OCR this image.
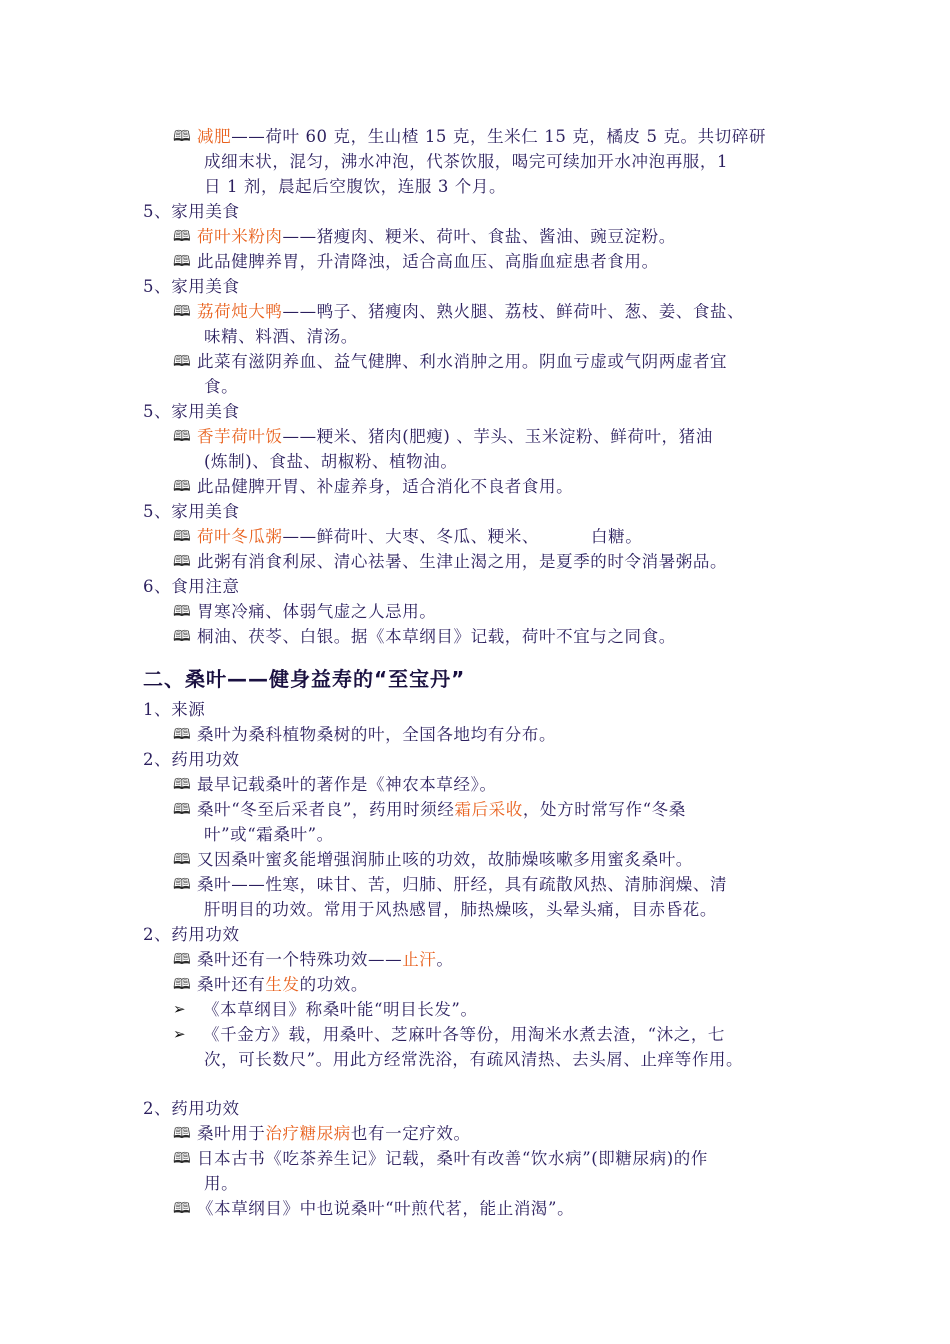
🕮 减肥——荷叶 60 克，生山楂 15 克，生米仁 15 克，橘皮 5 克。共切碎研
成细末状，混匀，沸水冲泡，代茶饮服，喝完可续加开水冲泡再服，1
日 1 剂，晨起后空腹饮，连服 3 个月。
5、家用美食
🕮 荷叶米粉肉——猪瘦肉、粳米、荷叶、食盐、酱油、豌豆淀粉。
🕮 此品健脾养胃，升清降浊，适合高血压、高脂血症患者食用。
5、家用美食
🕮 荔荷炖大鸭——鸭子、猪瘦肉、熟火腿、荔枝、鲜荷叶、葱、姜、食盐、
味精、料酒、清汤。
🕮 此菜有滋阴养血、益气健脾、利水消肿之用。阴血亏虚或气阴两虚者宜
食。
5、家用美食
🕮 香芋荷叶饭——粳米、猪肉(肥瘦) 、芋头、玉米淀粉、鲜荷叶，猪油
(炼制)、食盐、胡椒粉、植物油。
🕮 此品健脾开胃、补虚养身，适合消化不良者食用。
5、家用美食
🕮 荷叶冬瓜粥——鲜荷叶、大枣、冬瓜、粳米、	白糖。
🕮 此粥有消食利尿、清心祛暑、生津止渴之用，是夏季的时令消暑粥品。
6、食用注意
🕮 胃寒冷痛、体弱气虚之人忌用。
🕮 桐油、茯苓、白银。据《本草纲目》记载，荷叶不宜与之同食。
二、桑叶——健身益寿的“至宝丹”
1、来源
🕮 桑叶为桑科植物桑树的叶，全国各地均有分布。
2、药用功效
🕮 最早记载桑叶的著作是《神农本草经》。
🕮 桑叶“冬至后采者良”，药用时须经霜后采收，处方时常写作“冬桑
叶”或“霜桑叶”。
🕮 又因桑叶蜜炙能增强润肺止咳的功效，故肺燥咳嗽多用蜜炙桑叶。
🕮 桑叶——性寒，味甘、苦，归肺、肝经，具有疏散风热、清肺润燥、清
肝明目的功效。常用于风热感冒，肺热燥咳，头晕头痛，目赤昏花。
2、药用功效
🕮 桑叶还有一个特殊功效——止汗。
🕮 桑叶还有生发的功效。
➢ 《本草纲目》称桑叶能“明目长发”。
➢ 《千金方》载，用桑叶、芝麻叶各等份，用淘米水煮去渣，“沐之，七
次，可长数尺”。用此方经常洗浴，有疏风清热、去头屑、止痒等作用。
2、药用功效
🕮 桑叶用于治疗糖尿病也有一定疗效。
🕮 日本古书《吃茶养生记》记载，桑叶有改善“饮水病”(即糖尿病)的作
用。
🕮 《本草纲目》中也说桑叶“叶煎代茗，能止消渴”。
